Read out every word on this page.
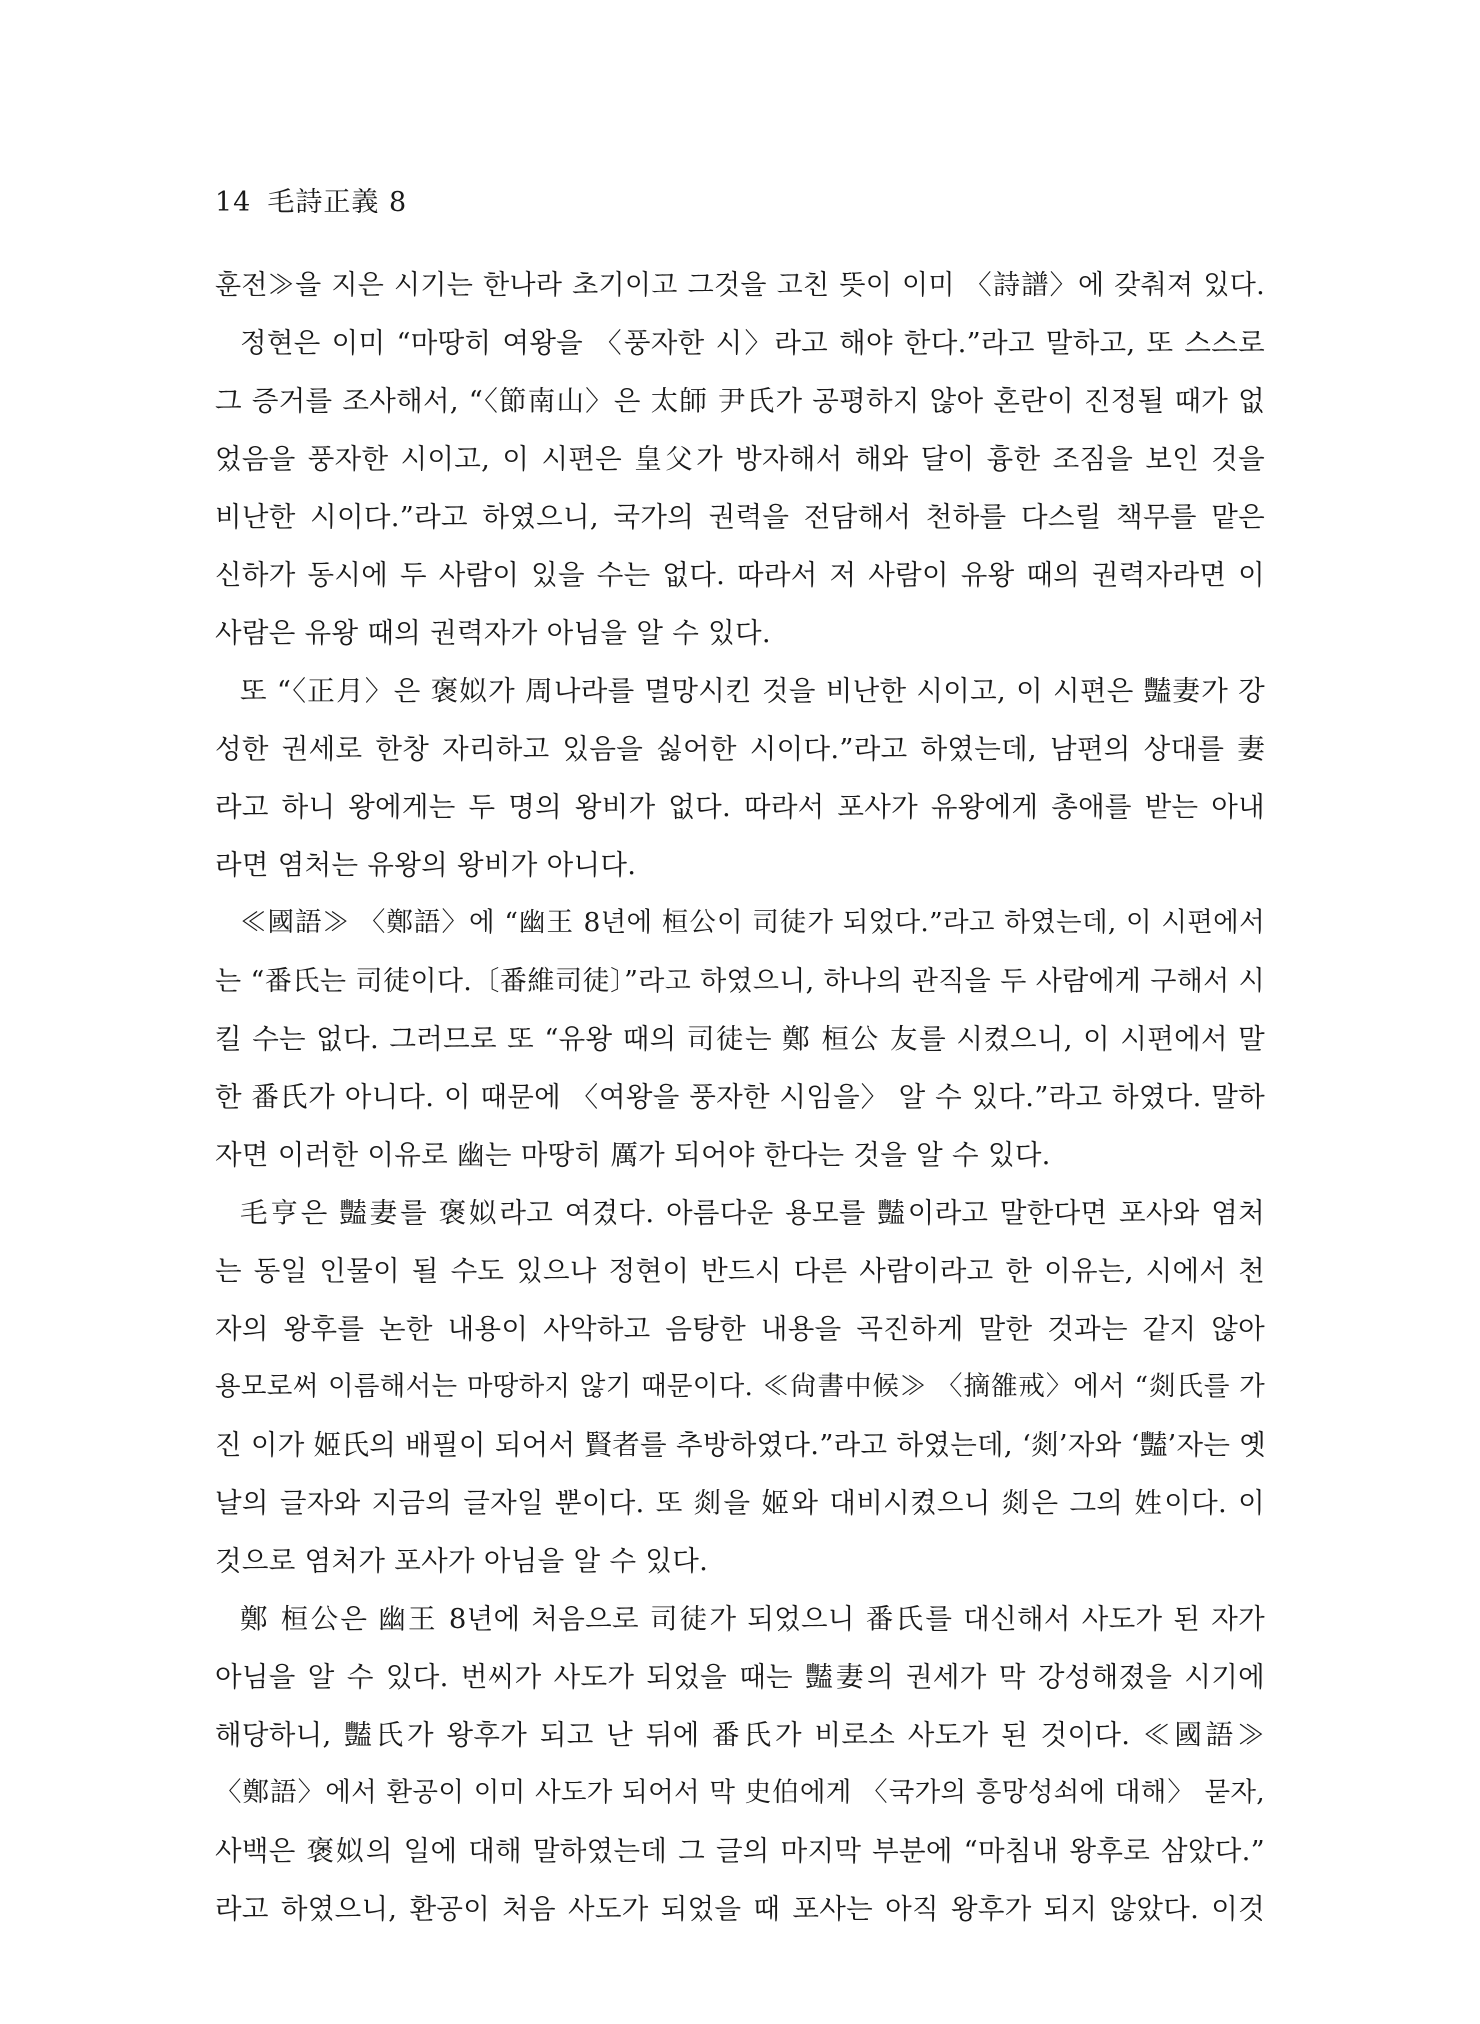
14 毛詩正義 8
훈전≫을 지은 시기는 한나라 초기이고 그것을 고친 뜻이 이미 〈詩譜〉에 갖춰져 있다.
정현은 이미 “마땅히 여왕을 〈풍자한 시〉라고 해야 한다.”라고 말하고, 또 스스로
그 증거를 조사해서, “〈節南山〉은 太師 尹氏가 공평하지 않아 혼란이 진정될 때가 없
었음을 풍자한 시이고, 이 시편은 皇父가 방자해서 해와 달이 흉한 조짐을 보인 것을
비난한 시이다.”라고 하였으니, 국가의 권력을 전담해서 천하를 다스릴 책무를 맡은
신하가 동시에 두 사람이 있을 수는 없다. 따라서 저 사람이 유왕 때의 권력자라면 이
사람은 유왕 때의 권력자가 아님을 알 수 있다.
또 “〈正月〉은 褒姒가 周나라를 멸망시킨 것을 비난한 시이고, 이 시편은 豔妻가 강
성한 권세로 한창 자리하고 있음을 싫어한 시이다.”라고 하였는데, 남편의 상대를 妻
라고 하니 왕에게는 두 명의 왕비가 없다. 따라서 포사가 유왕에게 총애를 받는 아내
라면 염처는 유왕의 왕비가 아니다.
≪國語≫ 〈鄭語〉에 “幽王 8년에 桓公이 司徒가 되었다.”라고 하였는데, 이 시편에서
는 “番氏는 司徒이다.〔番維司徒〕”라고 하였으니, 하나의 관직을 두 사람에게 구해서 시
킬 수는 없다. 그러므로 또 “유왕 때의 司徒는 鄭 桓公 友를 시켰으니, 이 시편에서 말
한 番氏가 아니다. 이 때문에 〈여왕을 풍자한 시임을〉 알 수 있다.”라고 하였다. 말하
자면 이러한 이유로 幽는 마땅히 厲가 되어야 한다는 것을 알 수 있다.
毛亨은 豔妻를 褒姒라고 여겼다. 아름다운 용모를 豔이라고 말한다면 포사와 염처
는 동일 인물이 될 수도 있으나 정현이 반드시 다른 사람이라고 한 이유는, 시에서 천
자의 왕후를 논한 내용이 사악하고 음탕한 내용을 곡진하게 말한 것과는 같지 않아
용모로써 이름해서는 마땅하지 않기 때문이다. ≪尙書中候≫ 〈摘雒戒〉에서 “剡氏를 가
진 이가 姬氏의 배필이 되어서 賢者를 추방하였다.”라고 하였는데, ‘剡’자와 ‘豔’자는 옛
날의 글자와 지금의 글자일 뿐이다. 또 剡을 姬와 대비시켰으니 剡은 그의 姓이다. 이
것으로 염처가 포사가 아님을 알 수 있다.
鄭 桓公은 幽王 8년에 처음으로 司徒가 되었으니 番氏를 대신해서 사도가 된 자가
아님을 알 수 있다. 번씨가 사도가 되었을 때는 豔妻의 권세가 막 강성해졌을 시기에
해당하니, 豔氏가 왕후가 되고 난 뒤에 番氏가 비로소 사도가 된 것이다. ≪國語≫
〈鄭語〉에서 환공이 이미 사도가 되어서 막 史伯에게 〈국가의 흥망성쇠에 대해〉 묻자,
사백은 褒姒의 일에 대해 말하였는데 그 글의 마지막 부분에 “마침내 왕후로 삼았다.”
라고 하였으니, 환공이 처음 사도가 되었을 때 포사는 아직 왕후가 되지 않았다. 이것
